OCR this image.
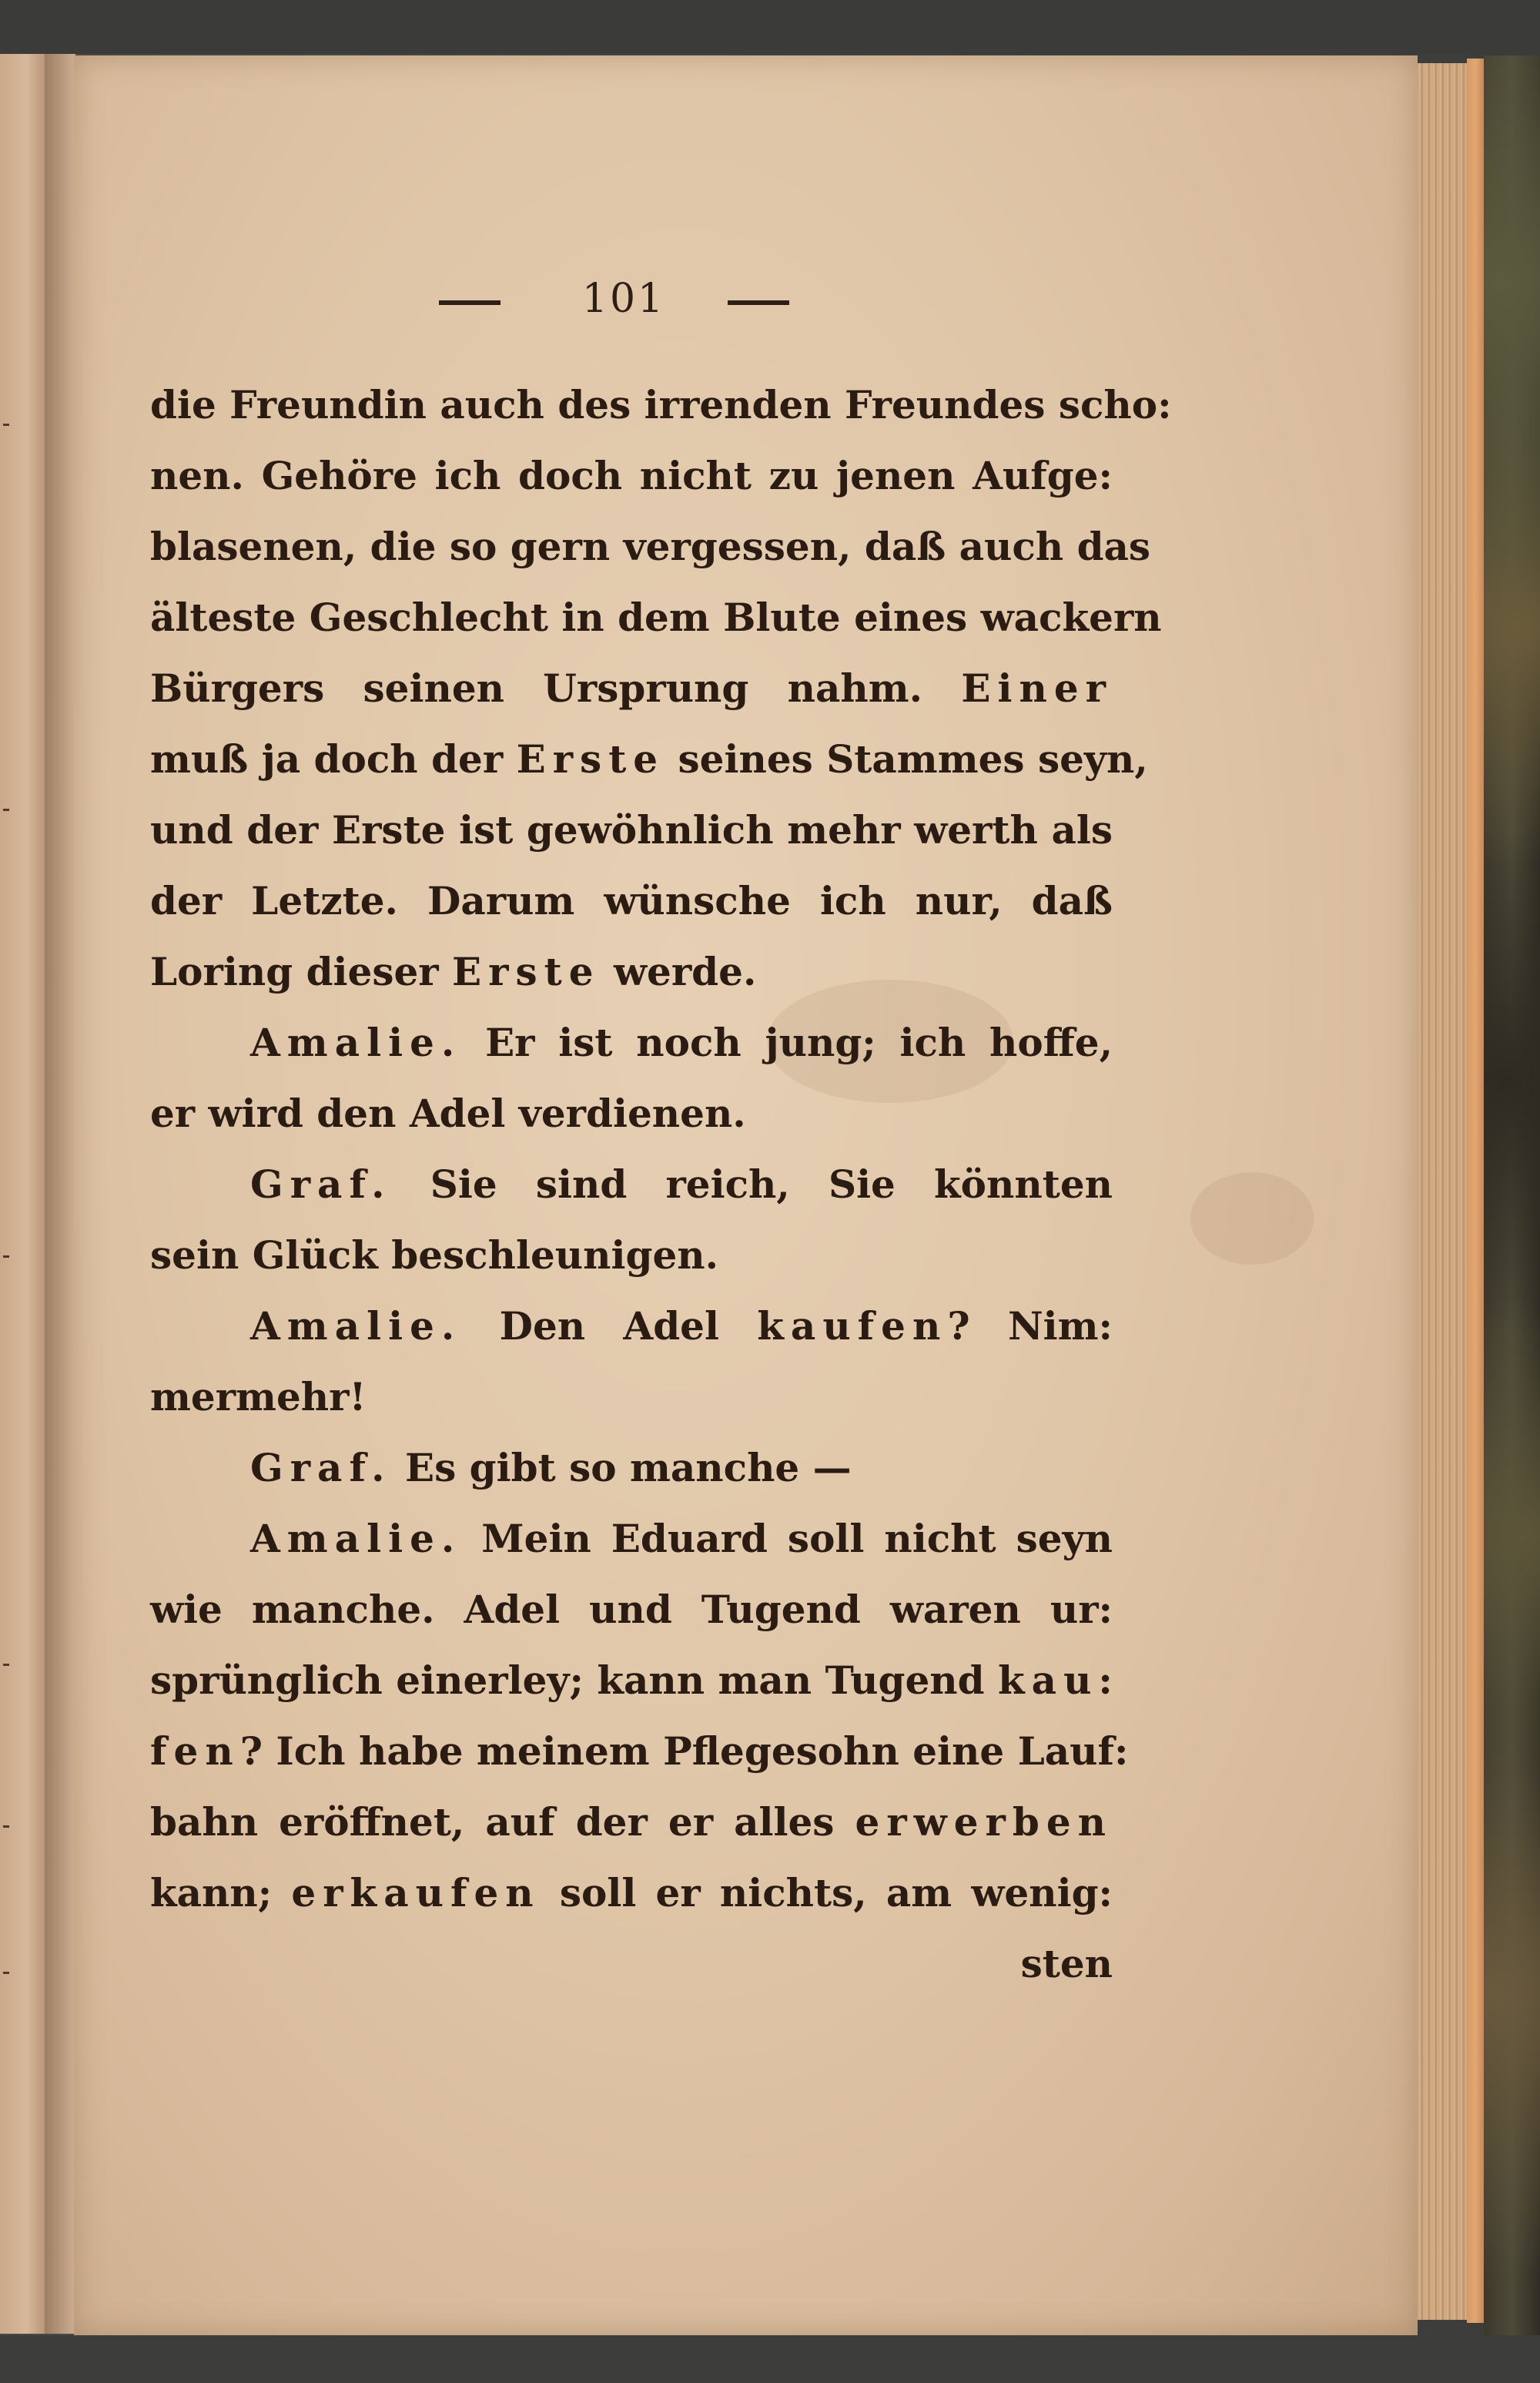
101
die Freundin auch des irrenden Freundes scho:
nen. Gehöre ich doch nicht zu jenen Aufge:
blasenen, die so gern vergessen, daß auch das
älteste Geschlecht in dem Blute eines wackern
Bürgers seinen Ursprung nahm. Einer
muß ja doch der Erste seines Stammes seyn,
und der Erste ist gewöhnlich mehr werth als
der Letzte. Darum wünsche ich nur, daß
Loring dieser Erste werde.
Amalie. Er ist noch jung; ich hoffe,
er wird den Adel verdienen.
Graf. Sie sind reich, Sie könnten
sein Glück beschleunigen.
Amalie. Den Adel kaufen? Nim:
mermehr!
Graf. Es gibt so manche —
Amalie. Mein Eduard soll nicht seyn
wie manche. Adel und Tugend waren ur:
sprünglich einerley; kann man Tugend kau:
fen? Ich habe meinem Pflegesohn eine Lauf:
bahn eröffnet, auf der er alles erwerben
kann; erkaufen soll er nichts, am wenig:
sten
